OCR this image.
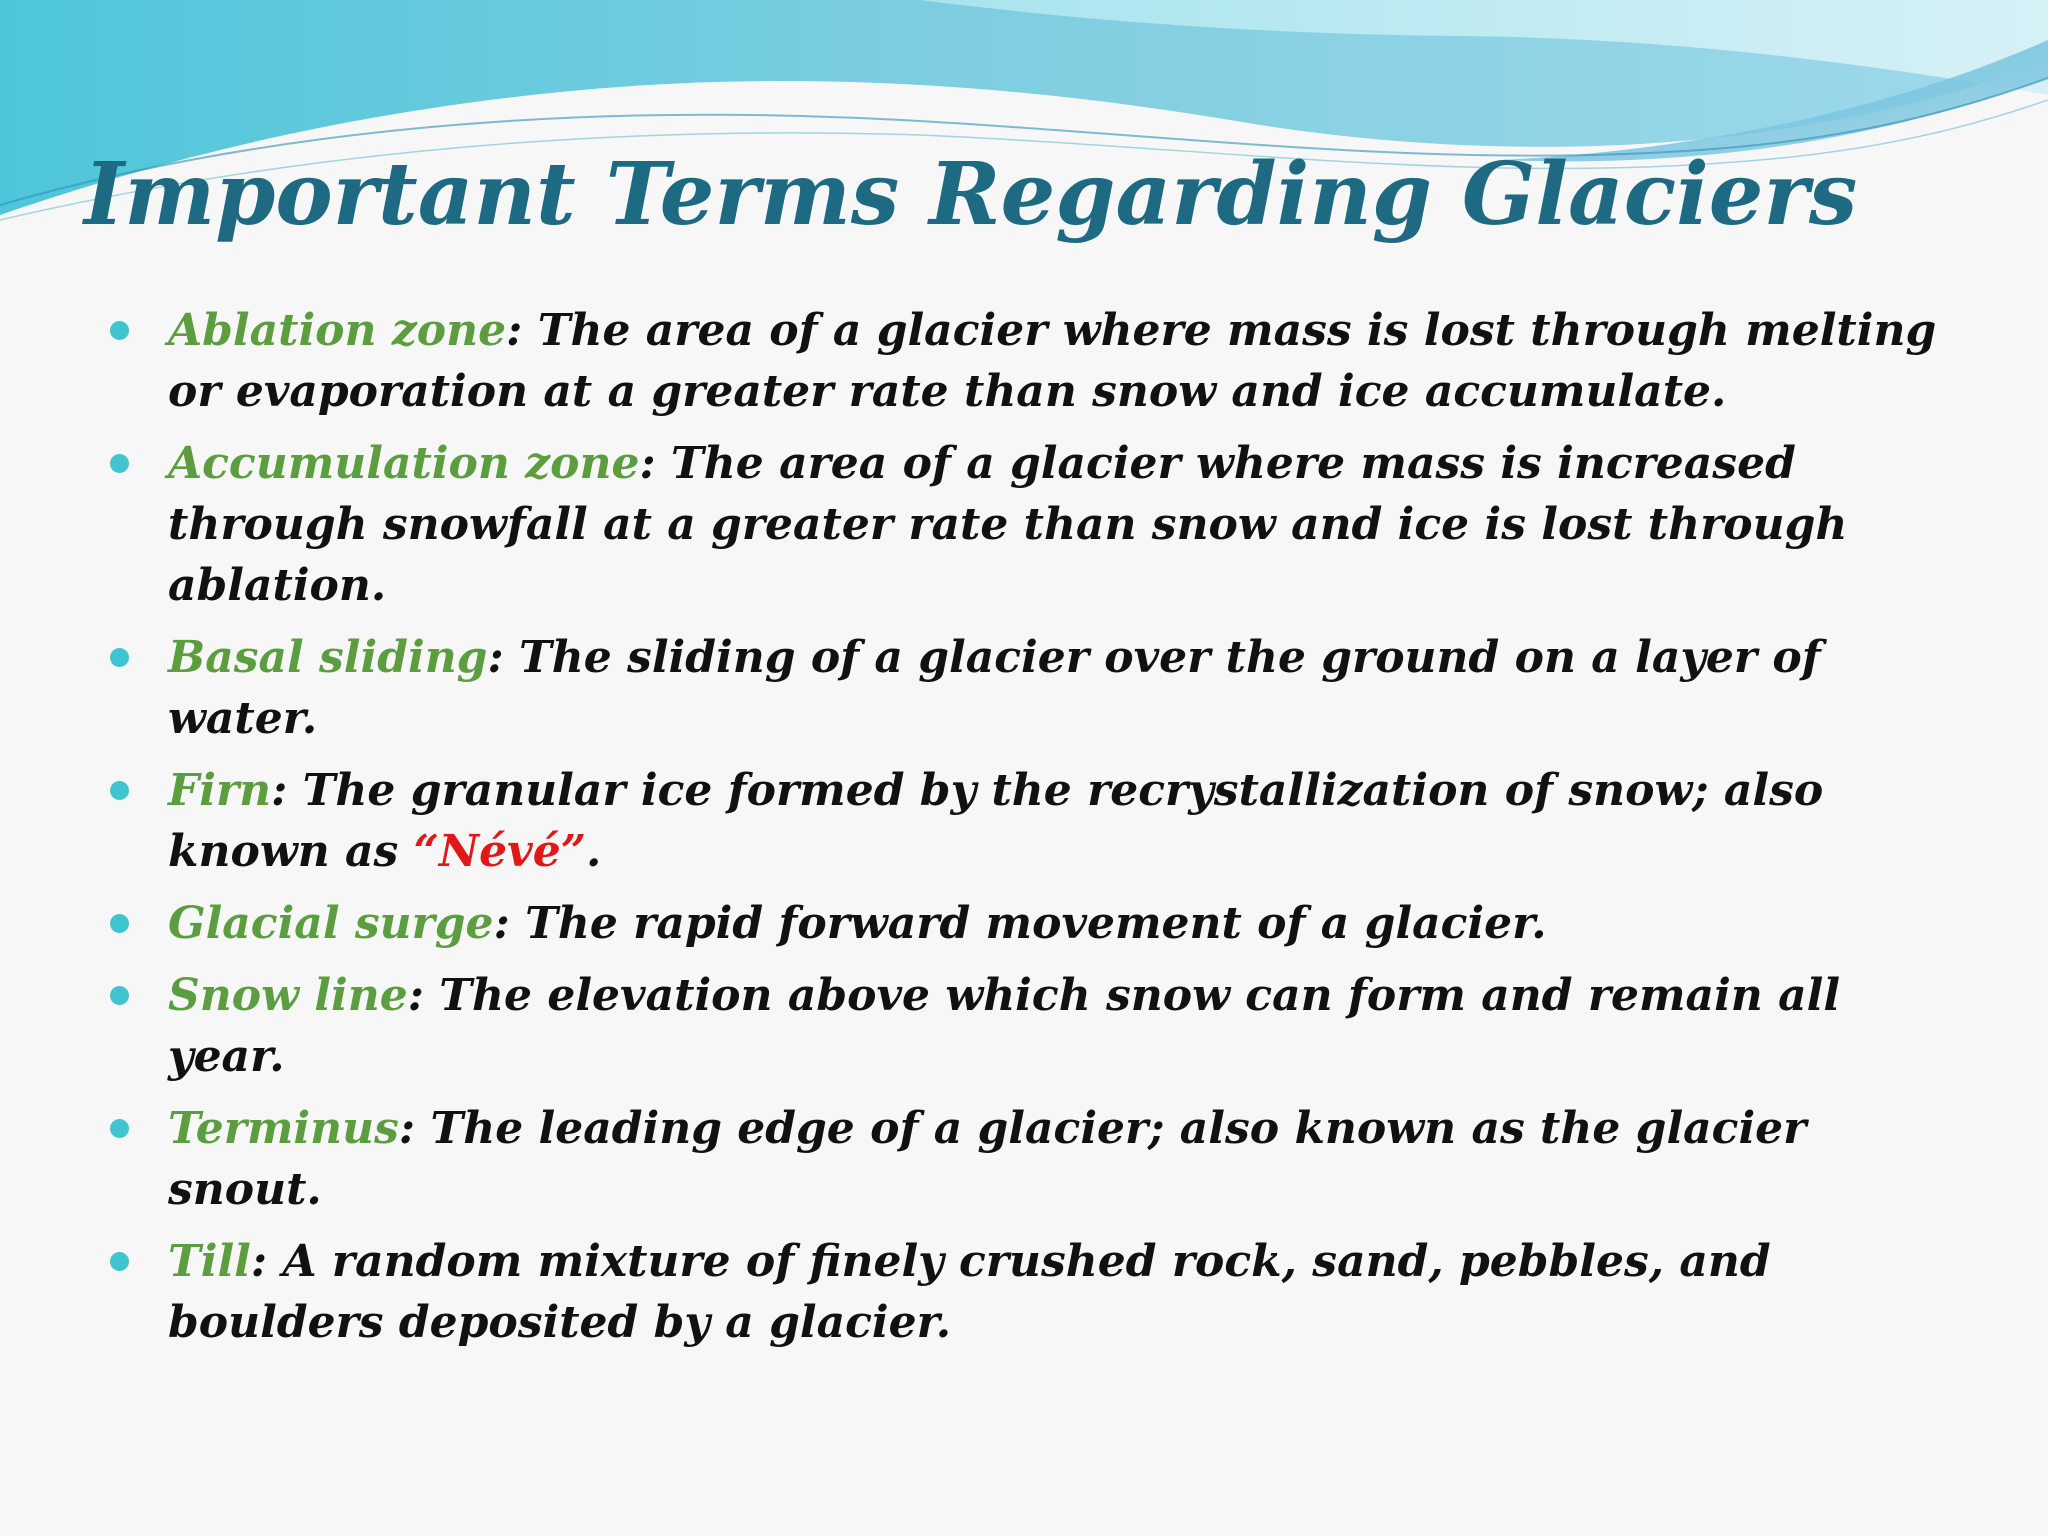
Important Terms Regarding Glaciers
Ablation zone: The area of a glacier where mass is lost through melting or evaporation at a greater rate than snow and ice accumulate.
Accumulation zone: The area of a glacier where mass is increased through snowfall at a greater rate than snow and ice is lost through ablation.
Basal sliding: The sliding of a glacier over the ground on a layer of water.
Firn: The granular ice formed by the recrystallization of snow; also known as “Névé”.
Glacial surge: The rapid forward movement of a glacier.
Snow line: The elevation above which snow can form and remain all year.
Terminus: The leading edge of a glacier; also known as the glacier snout.
Till: A random mixture of finely crushed rock, sand, pebbles, and boulders deposited by a glacier.
